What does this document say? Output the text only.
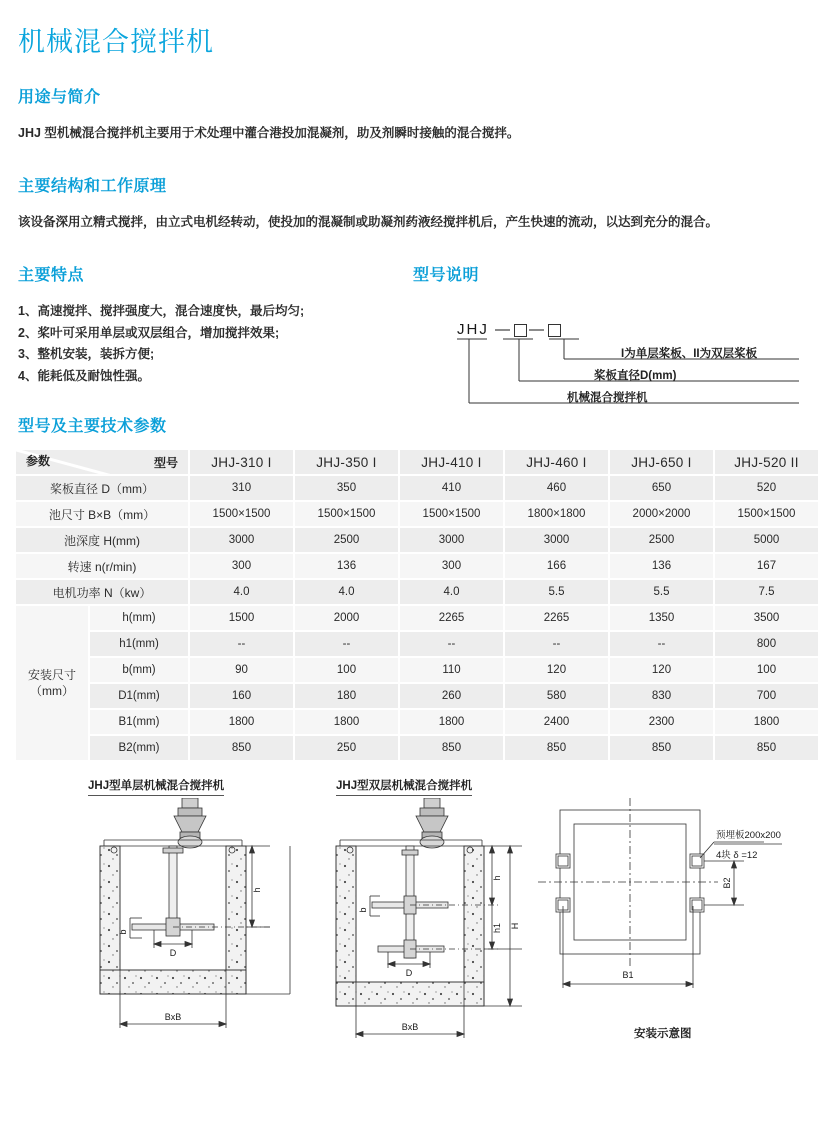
机械混合搅拌机
用途与简介

JHJ 型机械混合搅拌机主要用于术处理中灌合港投加混凝剂，助及剂瞬时接触的混合搅拌。

主要结构和工作原理

该设备深用立精式搅拌，由立式电机经转动，使投加的混凝制或助凝剂药液经搅拌机后，产生快速的流动，以达到充分的混合。

主要特点
1、高速搅拌、搅拌强度大，混合速度快，最后均匀;
2、桨叶可采用单层或双层组合，增加搅拌效果;
3、整机安装，装拆方便;
4、能耗低及耐蚀性强。
型号说明
JHJ — —
I为单层桨板、II为双层桨板
桨板直径D(mm)
机械混合搅拌机
型号及主要技术参数
型号
参数		JHJ-310 I	JHJ-350 I	JHJ-410 I	JHJ-460 I	JHJ-650 I	JHJ-520 II
桨板直径 D（mm）		310	350	410	460	650	520
池尺寸 B×B（mm）		1500×1500	1500×1500	1500×1500	1800×1800	2000×2000	1500×1500
池深度 H(mm)		3000	2500	3000	3000	2500	5000
转速 n(r/min)		300	136	300	166	136	167
电机功率 N（kw）		4.0	4.0	4.0	5.5	5.5	7.5

安装尺寸
（mm）	h(mm)	1500	2000	2265	2265	1350	3500
	h1(mm)	--	--	--	--	--	800
	b(mm)	90	100	110	120	120	100
	D1(mm)	160	180	260	580	830	700
	B1(mm)	1800	1800	1800	2400	2300	1800
	B2(mm)	850	250	850	850	850	850
JHJ型单层机械混合搅拌机	JHJ型双层机械混合搅拌机
h
b
D
BxB
h
h1 H
b
D
BxB
预埋板200x200
4块 δ =12
B2
B1
安装示意图
